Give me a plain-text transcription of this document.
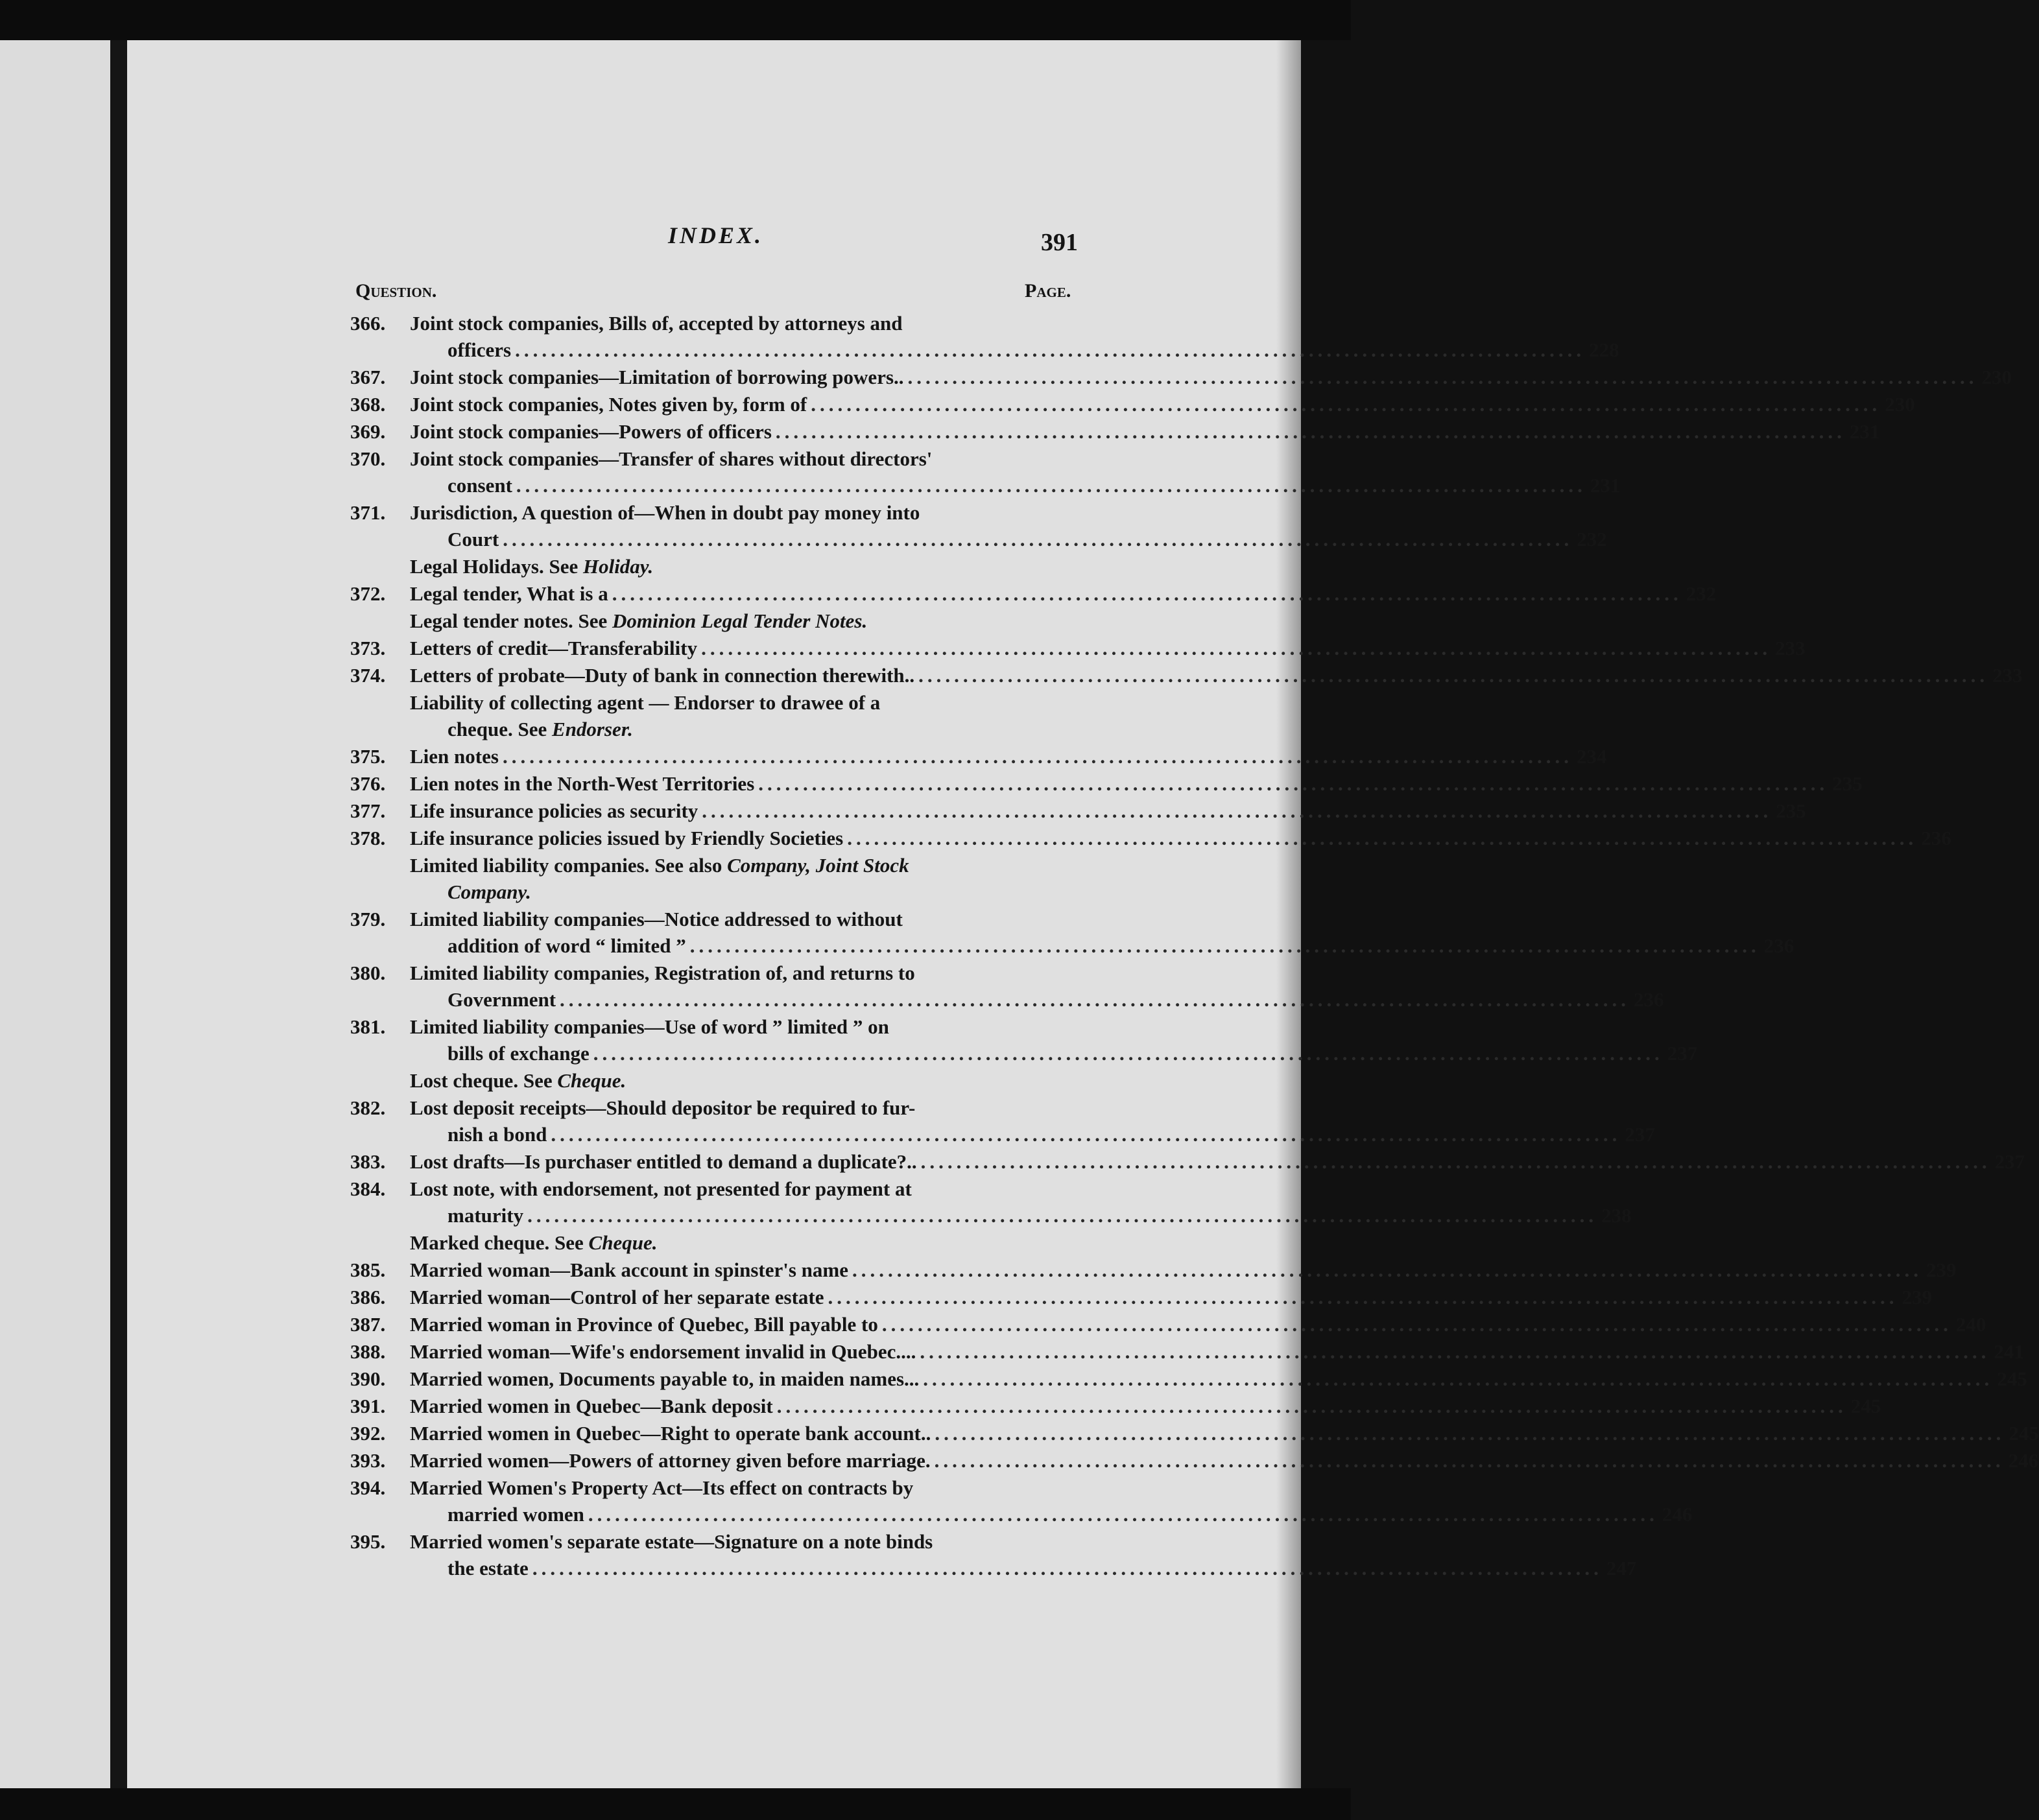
INDEX.	391
Question.	Page.
366.	Joint stock companies, Bills of, accepted by attorneys and
officers ........................................................................................................................ 228
367.	Joint stock companies—Limitation of borrowing powers.. ........................................................................................................................ 230
368.	Joint stock companies, Notes given by, form of ........................................................................................................................ 230
369.	Joint stock companies—Powers of officers ........................................................................................................................ 231
370.	Joint stock companies—Transfer of shares without directors'
consent ........................................................................................................................ 231
371.	Jurisdiction, A question of—When in doubt pay money into
Court ........................................................................................................................ 232
Legal Holidays. See Holiday.
372.	Legal tender, What is a ........................................................................................................................ 232
Legal tender notes. See Dominion Legal Tender Notes.
373.	Letters of credit—Transferability ........................................................................................................................ 233
374.	Letters of probate—Duty of bank in connection therewith.. ........................................................................................................................ 233
Liability of collecting agent — Endorser to drawee of a
cheque. See Endorser.
375.	Lien notes ........................................................................................................................ 234
376.	Lien notes in the North-West Territories ........................................................................................................................ 235
377.	Life insurance policies as security ........................................................................................................................ 235
378.	Life insurance policies issued by Friendly Societies ........................................................................................................................ 236
Limited liability companies. See also Company, Joint Stock
Company.
379.	Limited liability companies—Notice addressed to without
addition of word “ limited ” ........................................................................................................................ 236
380.	Limited liability companies, Registration of, and returns to
Government ........................................................................................................................ 236
381.	Limited liability companies—Use of word ” limited ” on
bills of exchange ........................................................................................................................ 237
Lost cheque. See Cheque.
382.	Lost deposit receipts—Should depositor be required to fur-
nish a bond ........................................................................................................................ 237
383.	Lost drafts—Is purchaser entitled to demand a duplicate?.. ........................................................................................................................ 237
384.	Lost note, with endorsement, not presented for payment at
maturity ........................................................................................................................ 238
Marked cheque. See Cheque.
385.	Married woman—Bank account in spinster's name ........................................................................................................................ 239
386.	Married woman—Control of her separate estate ........................................................................................................................ 239
387.	Married woman in Province of Quebec, Bill payable to ........................................................................................................................ 240
388.	Married woman—Wife's endorsement invalid in Quebec.... ........................................................................................................................ 241
390.	Married women, Documents payable to, in maiden names... ........................................................................................................................ 245
391.	Married women in Quebec—Bank deposit ........................................................................................................................ 245
392.	Married women in Quebec—Right to operate bank account.. ........................................................................................................................ 245
393.	Married women—Powers of attorney given before marriage. ........................................................................................................................ 246
394.	Married Women's Property Act—Its effect on contracts by
married women ........................................................................................................................ 246
395.	Married women's separate estate—Signature on a note binds
the estate ........................................................................................................................ 247
